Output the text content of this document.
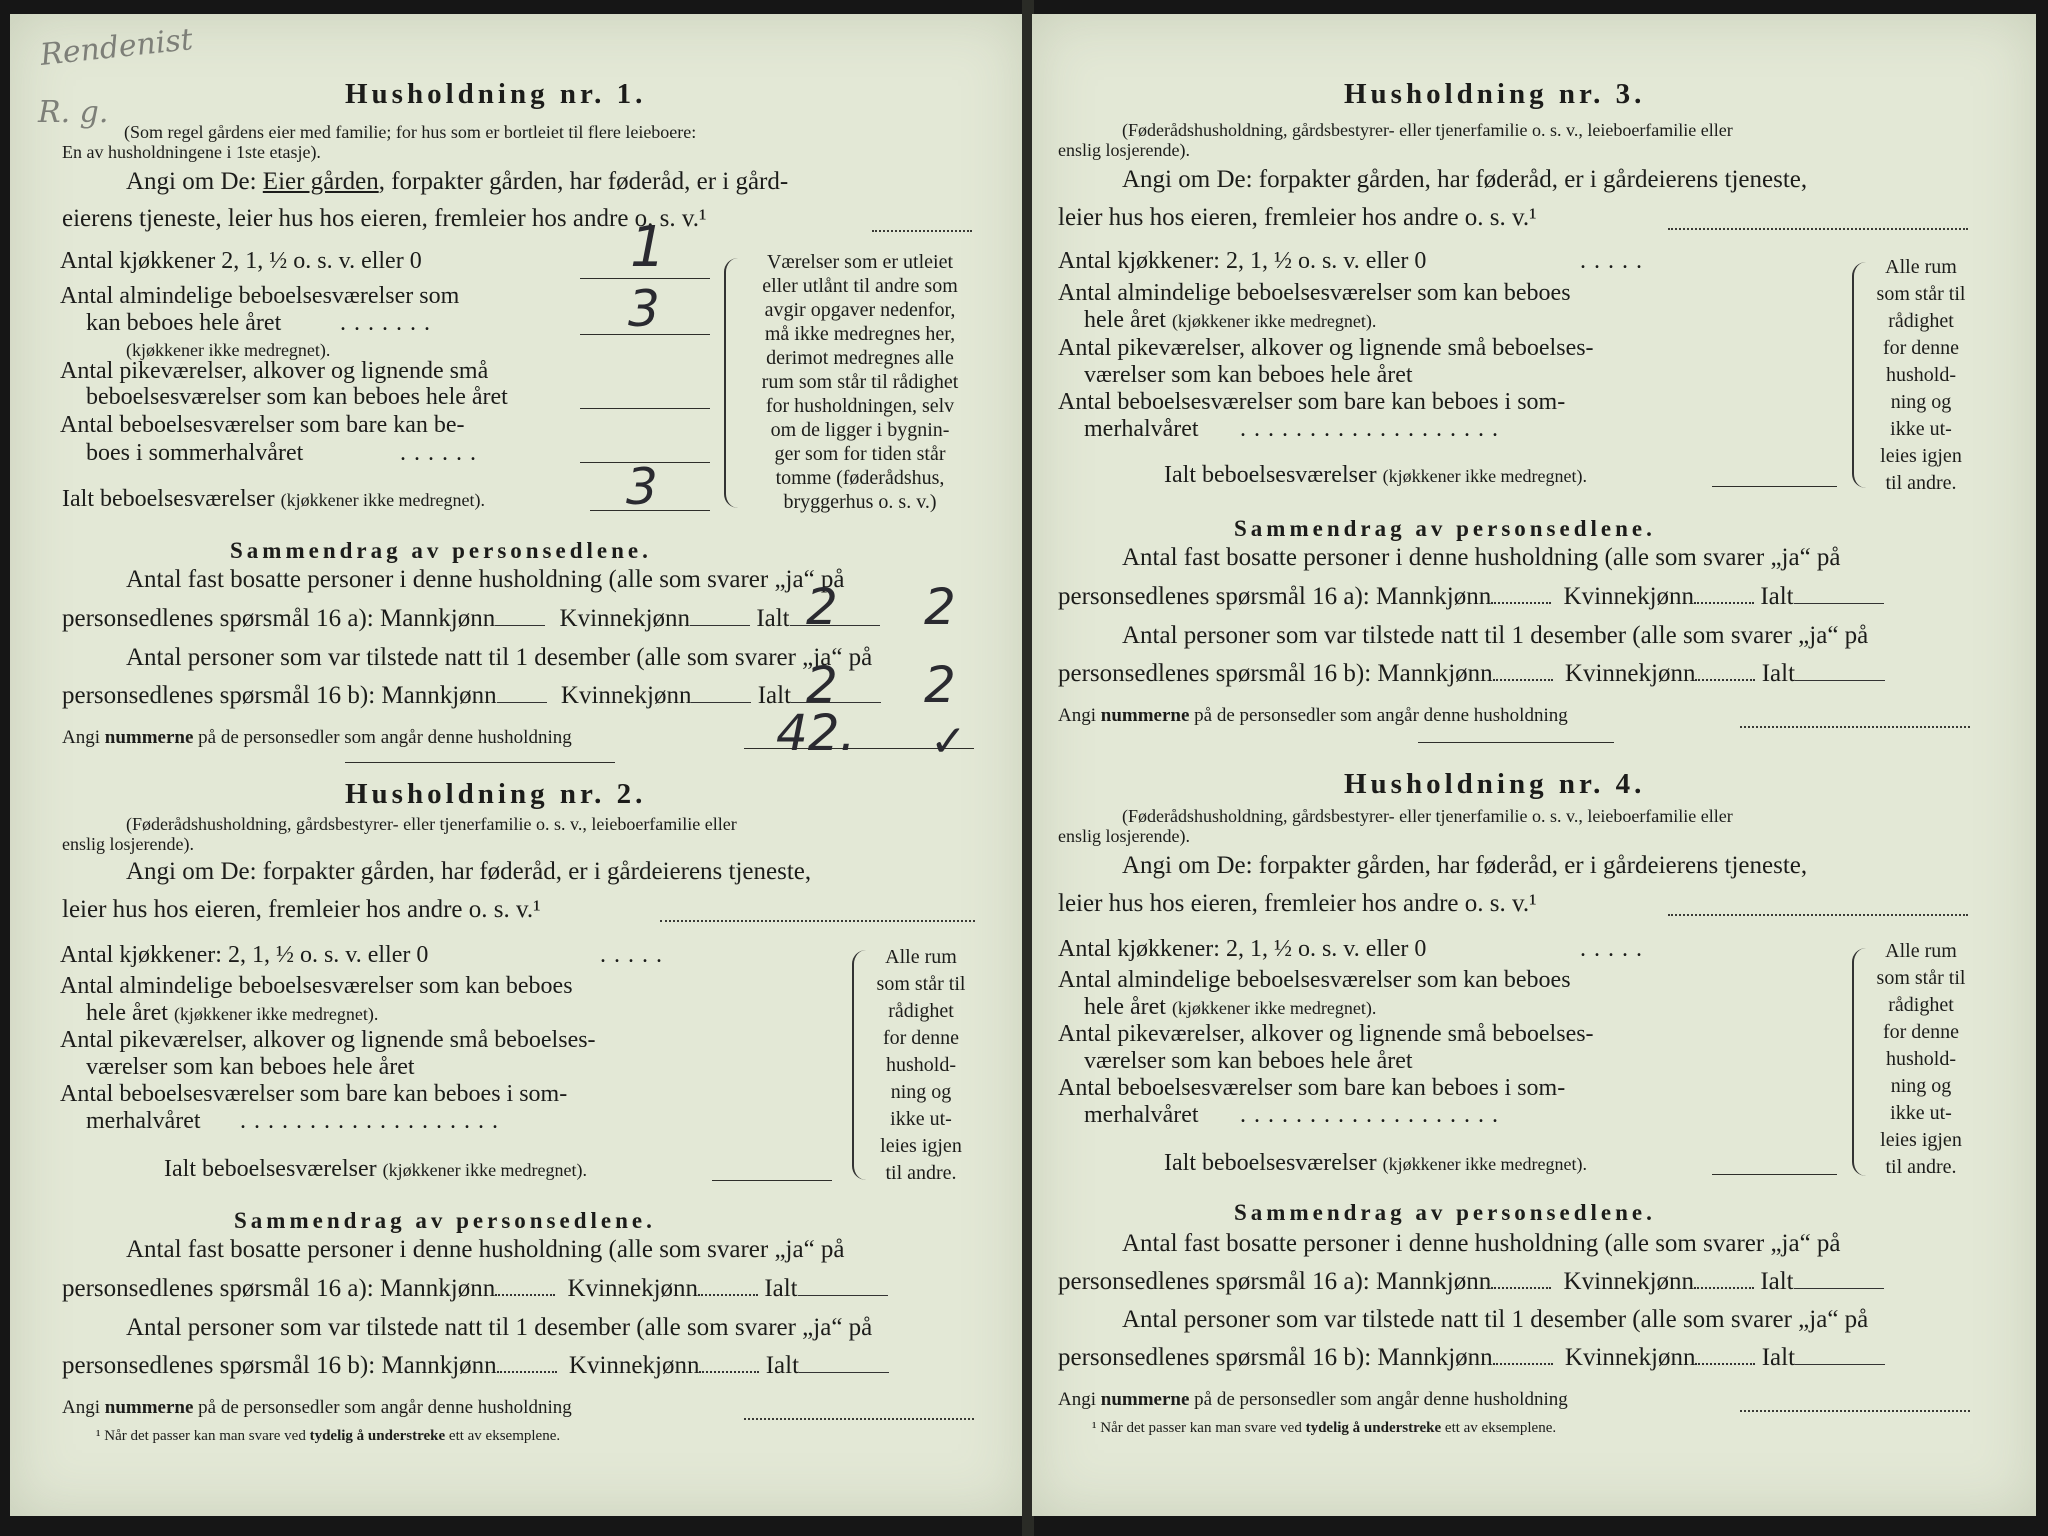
Rendenist
R. g.
Husholdning nr. 1.
(Som regel gårdens eier med familie; for hus som er bortleiet til flere leieboere:
En av husholdningene i 1ste etasje).
Angi om De: Eier gården, forpakter gården, har føderåd, er i gård-
eierens tjeneste, leier hus hos eieren, fremleier hos andre o. s. v.¹
Antal kjøkkener 2, 1, ½ o. s. v. eller 0	1
Antal almindelige beboelsesværelser som
kan beboes hele året .......
(kjøkkener ikke medregnet).
3
Antal pikeværelser, alkover og lignende små
beboelsesværelser som kan beboes hele året
Antal beboelsesværelser som bare kan be-
boes i sommerhalvåret	......
Ialt beboelsesværelser (kjøkkener ikke medregnet).	3
Værelser som er utleiet
eller utlånt til andre som
avgir opgaver nedenfor,
må ikke medregnes her,
derimot medregnes alle
rum som står til rådighet
for husholdningen, selv
om de ligger i bygnin-
ger som for tiden står
tomme (føderådshus,
bryggerhus o. s. v.)
Sammendrag av personsedlene.
Antal fast bosatte personer i denne husholdning (alle som svarer „ja“ på
personsedlenes spørsmål 16 a): Mannkjønn	Kvinnekjønn	Ialt 2 2
Antal personer som var tilstede natt til 1 desember (alle som svarer „ja“ på
personsedlenes spørsmål 16 b): Mannkjønn	Kvinnekjønn	Ialt 2 2
Angi nummerne på de personsedler som angår denne husholdning	42. ✓
Husholdning nr. 2.
(Føderådshusholdning, gårdsbestyrer- eller tjenerfamilie o. s. v., leieboerfamilie eller
enslig losjerende).
Angi om De: forpakter gården, har føderåd, er i gårdeierens tjeneste,
leier hus hos eieren, fremleier hos andre o. s. v.¹
Antal kjøkkener: 2, 1, ½ o. s. v. eller 0	.....
Antal almindelige beboelsesværelser som kan beboes
hele året (kjøkkener ikke medregnet).
Antal pikeværelser, alkover og lignende små beboelses-
værelser som kan beboes hele året
Antal beboelsesværelser som bare kan beboes i som-
merhalvåret ...................
Ialt beboelsesværelser (kjøkkener ikke medregnet).
Alle rum
som står til
rådighet
for denne
hushold-
ning og
ikke ut-
leies igjen
til andre.
Sammendrag av personsedlene.
Antal fast bosatte personer i denne husholdning (alle som svarer „ja“ på
personsedlenes spørsmål 16 a): Mannkjønn	Kvinnekjønn	Ialt
Antal personer som var tilstede natt til 1 desember (alle som svarer „ja“ på
personsedlenes spørsmål 16 b): Mannkjønn	Kvinnekjønn	Ialt
Angi nummerne på de personsedler som angår denne husholdning
¹ Når det passer kan man svare ved tydelig å understreke ett av eksemplene.
Husholdning nr. 3.
(Føderådshusholdning, gårdsbestyrer- eller tjenerfamilie o. s. v., leieboerfamilie eller
enslig losjerende).
Angi om De: forpakter gården, har føderåd, er i gårdeierens tjeneste,
leier hus hos eieren, fremleier hos andre o. s. v.¹
Antal kjøkkener: 2, 1, ½ o. s. v. eller 0	.....
Antal almindelige beboelsesværelser som kan beboes
hele året (kjøkkener ikke medregnet).
Antal pikeværelser, alkover og lignende små beboelses-
værelser som kan beboes hele året
Antal beboelsesværelser som bare kan beboes i som-
merhalvåret ...................
Ialt beboelsesværelser (kjøkkener ikke medregnet).
Alle rum
som står til
rådighet
for denne
hushold-
ning og
ikke ut-
leies igjen
til andre.
Sammendrag av personsedlene.
Antal fast bosatte personer i denne husholdning (alle som svarer „ja“ på
personsedlenes spørsmål 16 a): Mannkjønn	Kvinnekjønn	Ialt
Antal personer som var tilstede natt til 1 desember (alle som svarer „ja“ på
personsedlenes spørsmål 16 b): Mannkjønn	Kvinnekjønn	Ialt
Angi nummerne på de personsedler som angår denne husholdning
Husholdning nr. 4.
(Føderådshusholdning, gårdsbestyrer- eller tjenerfamilie o. s. v., leieboerfamilie eller
enslig losjerende).
Angi om De: forpakter gården, har føderåd, er i gårdeierens tjeneste,
leier hus hos eieren, fremleier hos andre o. s. v.¹
Antal kjøkkener: 2, 1, ½ o. s. v. eller 0	.....
Antal almindelige beboelsesværelser som kan beboes
hele året (kjøkkener ikke medregnet).
Antal pikeværelser, alkover og lignende små beboelses-
værelser som kan beboes hele året
Antal beboelsesværelser som bare kan beboes i som-
merhalvåret ...................
Ialt beboelsesværelser (kjøkkener ikke medregnet).
Alle rum
som står til
rådighet
for denne
hushold-
ning og
ikke ut-
leies igjen
til andre.
Sammendrag av personsedlene.
Antal fast bosatte personer i denne husholdning (alle som svarer „ja“ på
personsedlenes spørsmål 16 a): Mannkjønn	Kvinnekjønn	Ialt
Antal personer som var tilstede natt til 1 desember (alle som svarer „ja“ på
personsedlenes spørsmål 16 b): Mannkjønn	Kvinnekjønn	Ialt
Angi nummerne på de personsedler som angår denne husholdning
¹ Når det passer kan man svare ved tydelig å understreke ett av eksemplene.
